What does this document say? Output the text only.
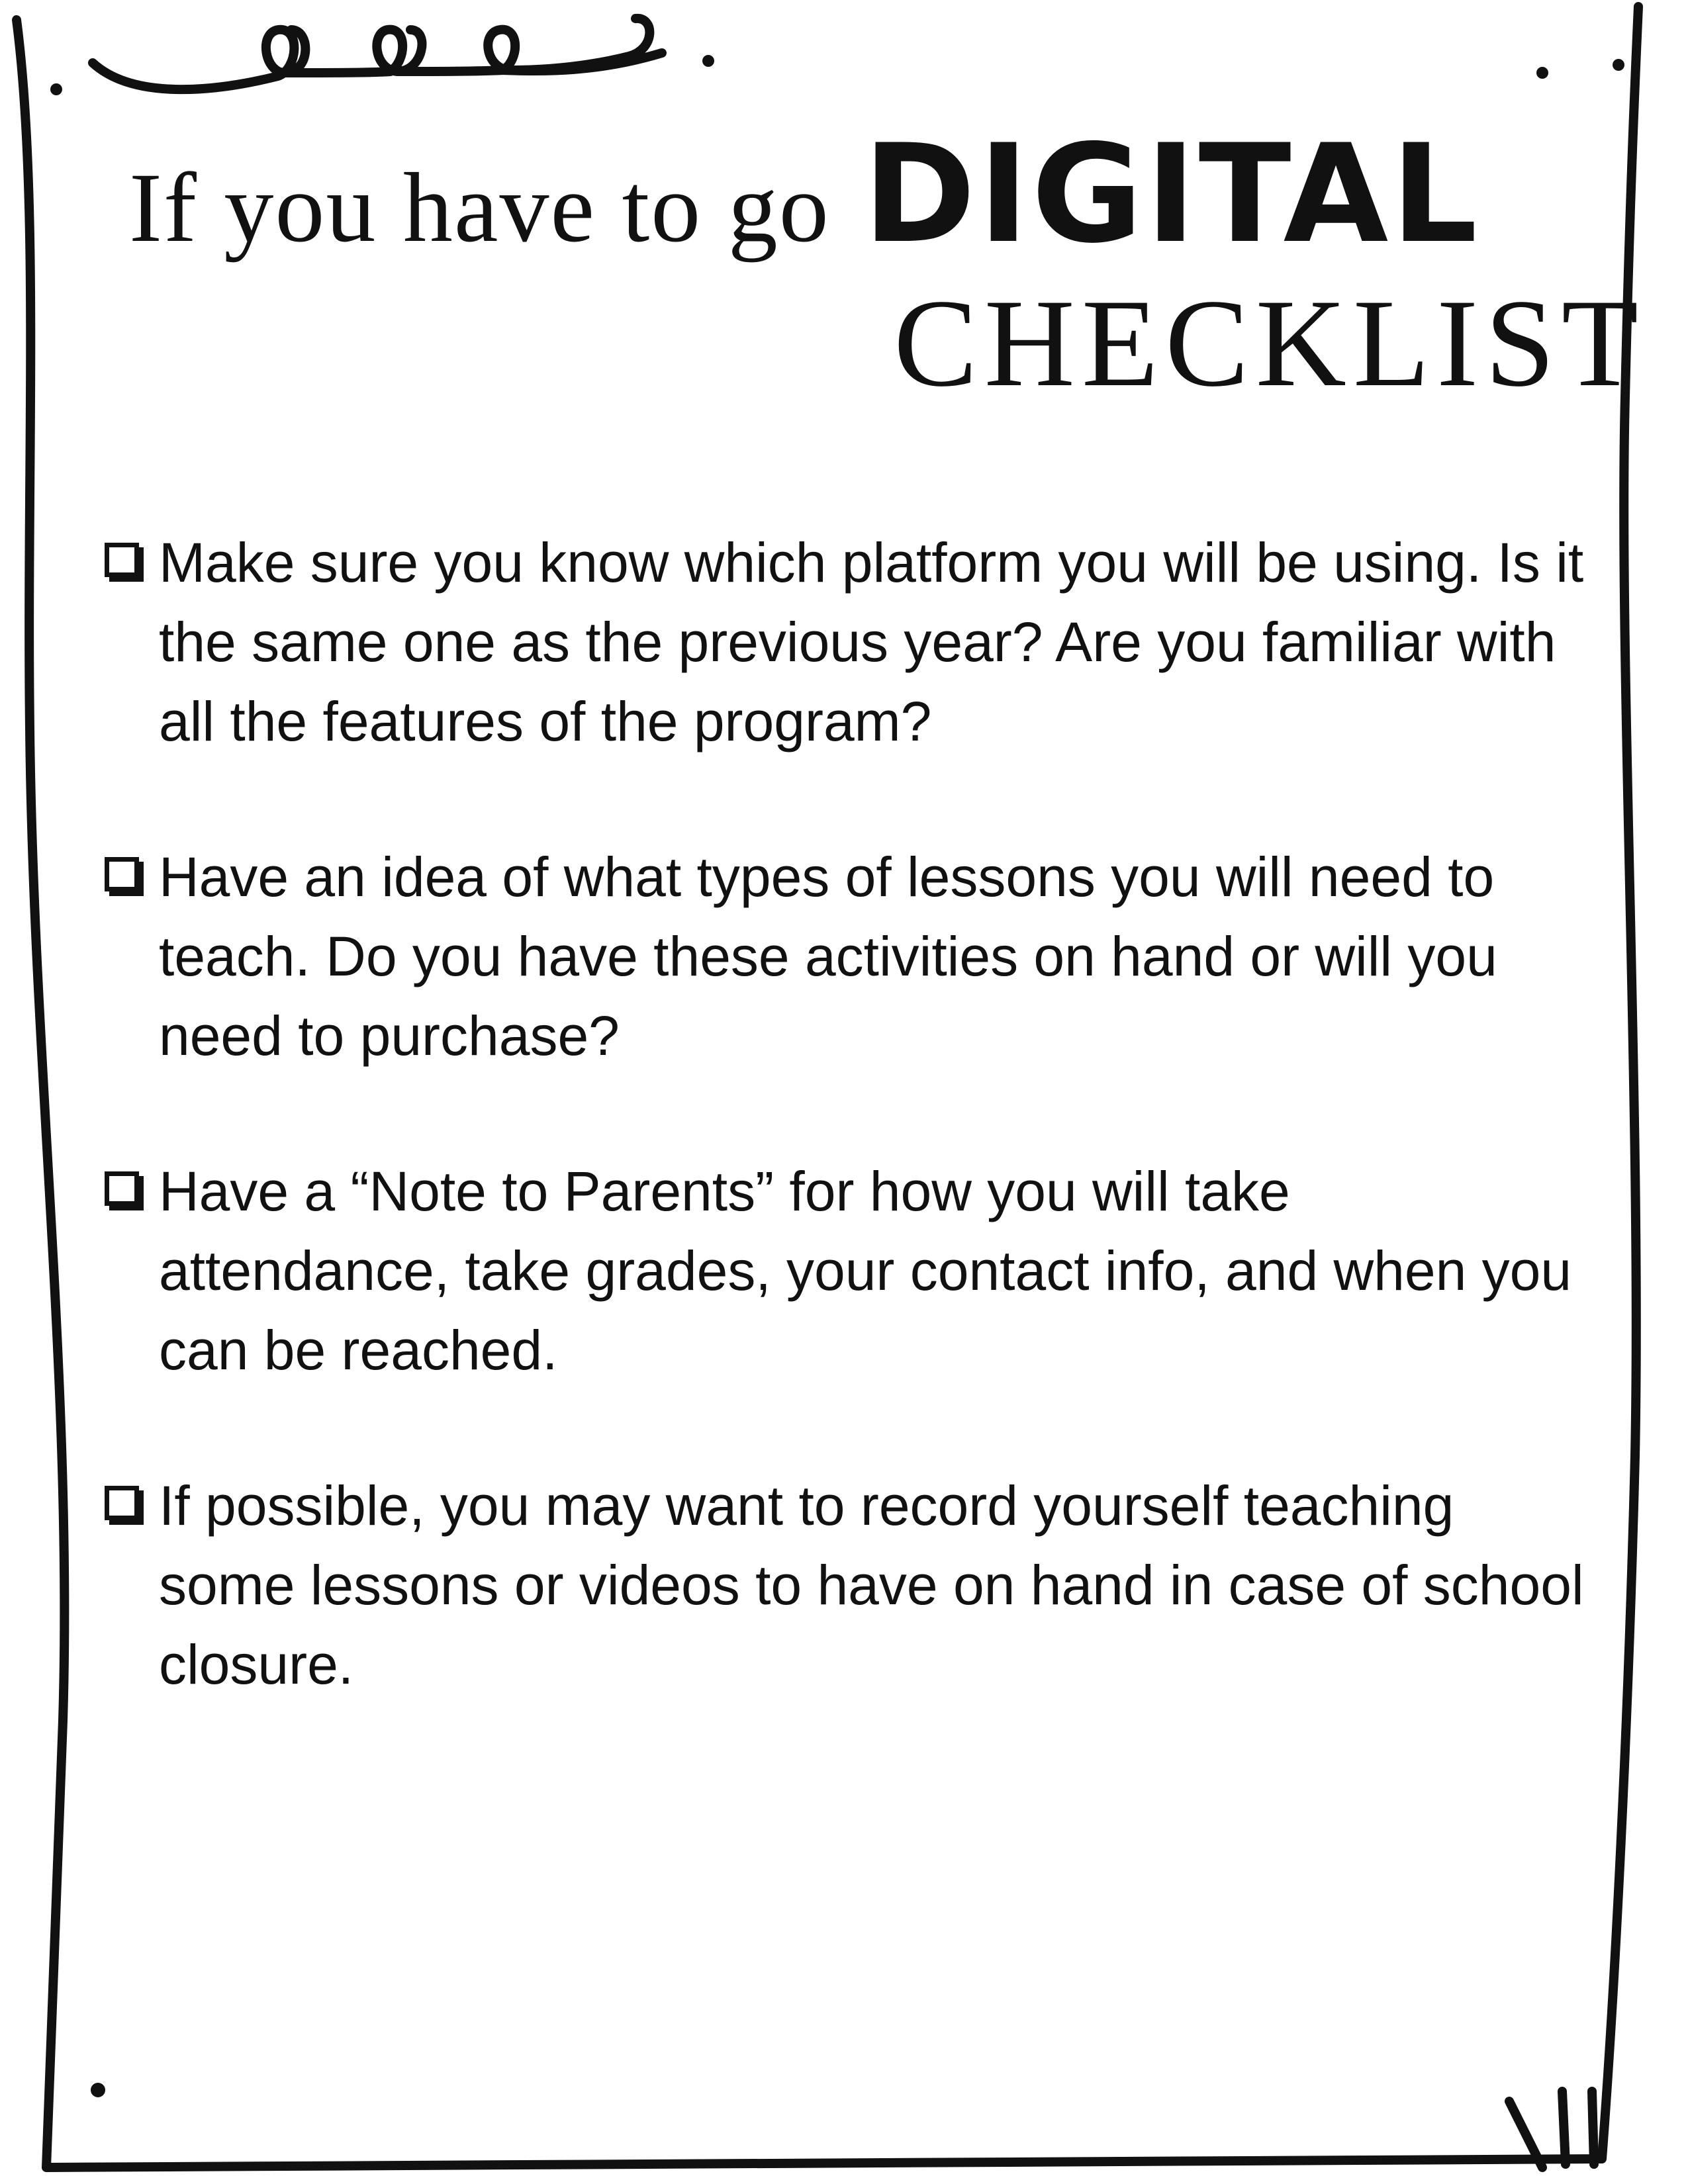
If you have to go DIGITAL
CHECKLIST
Make sure you know which platform you will be using. Is it the same one as the previous year? Are you familiar with all the features of the program?
Have an idea of what types of lessons you will need to teach. Do you have these activities on hand or will you need to purchase?
Have a “Note to Parents” for how you will take attendance, take grades, your contact info, and when you can be reached.
If possible, you may want to record yourself teaching some lessons or videos to have on hand in case of school closure.
